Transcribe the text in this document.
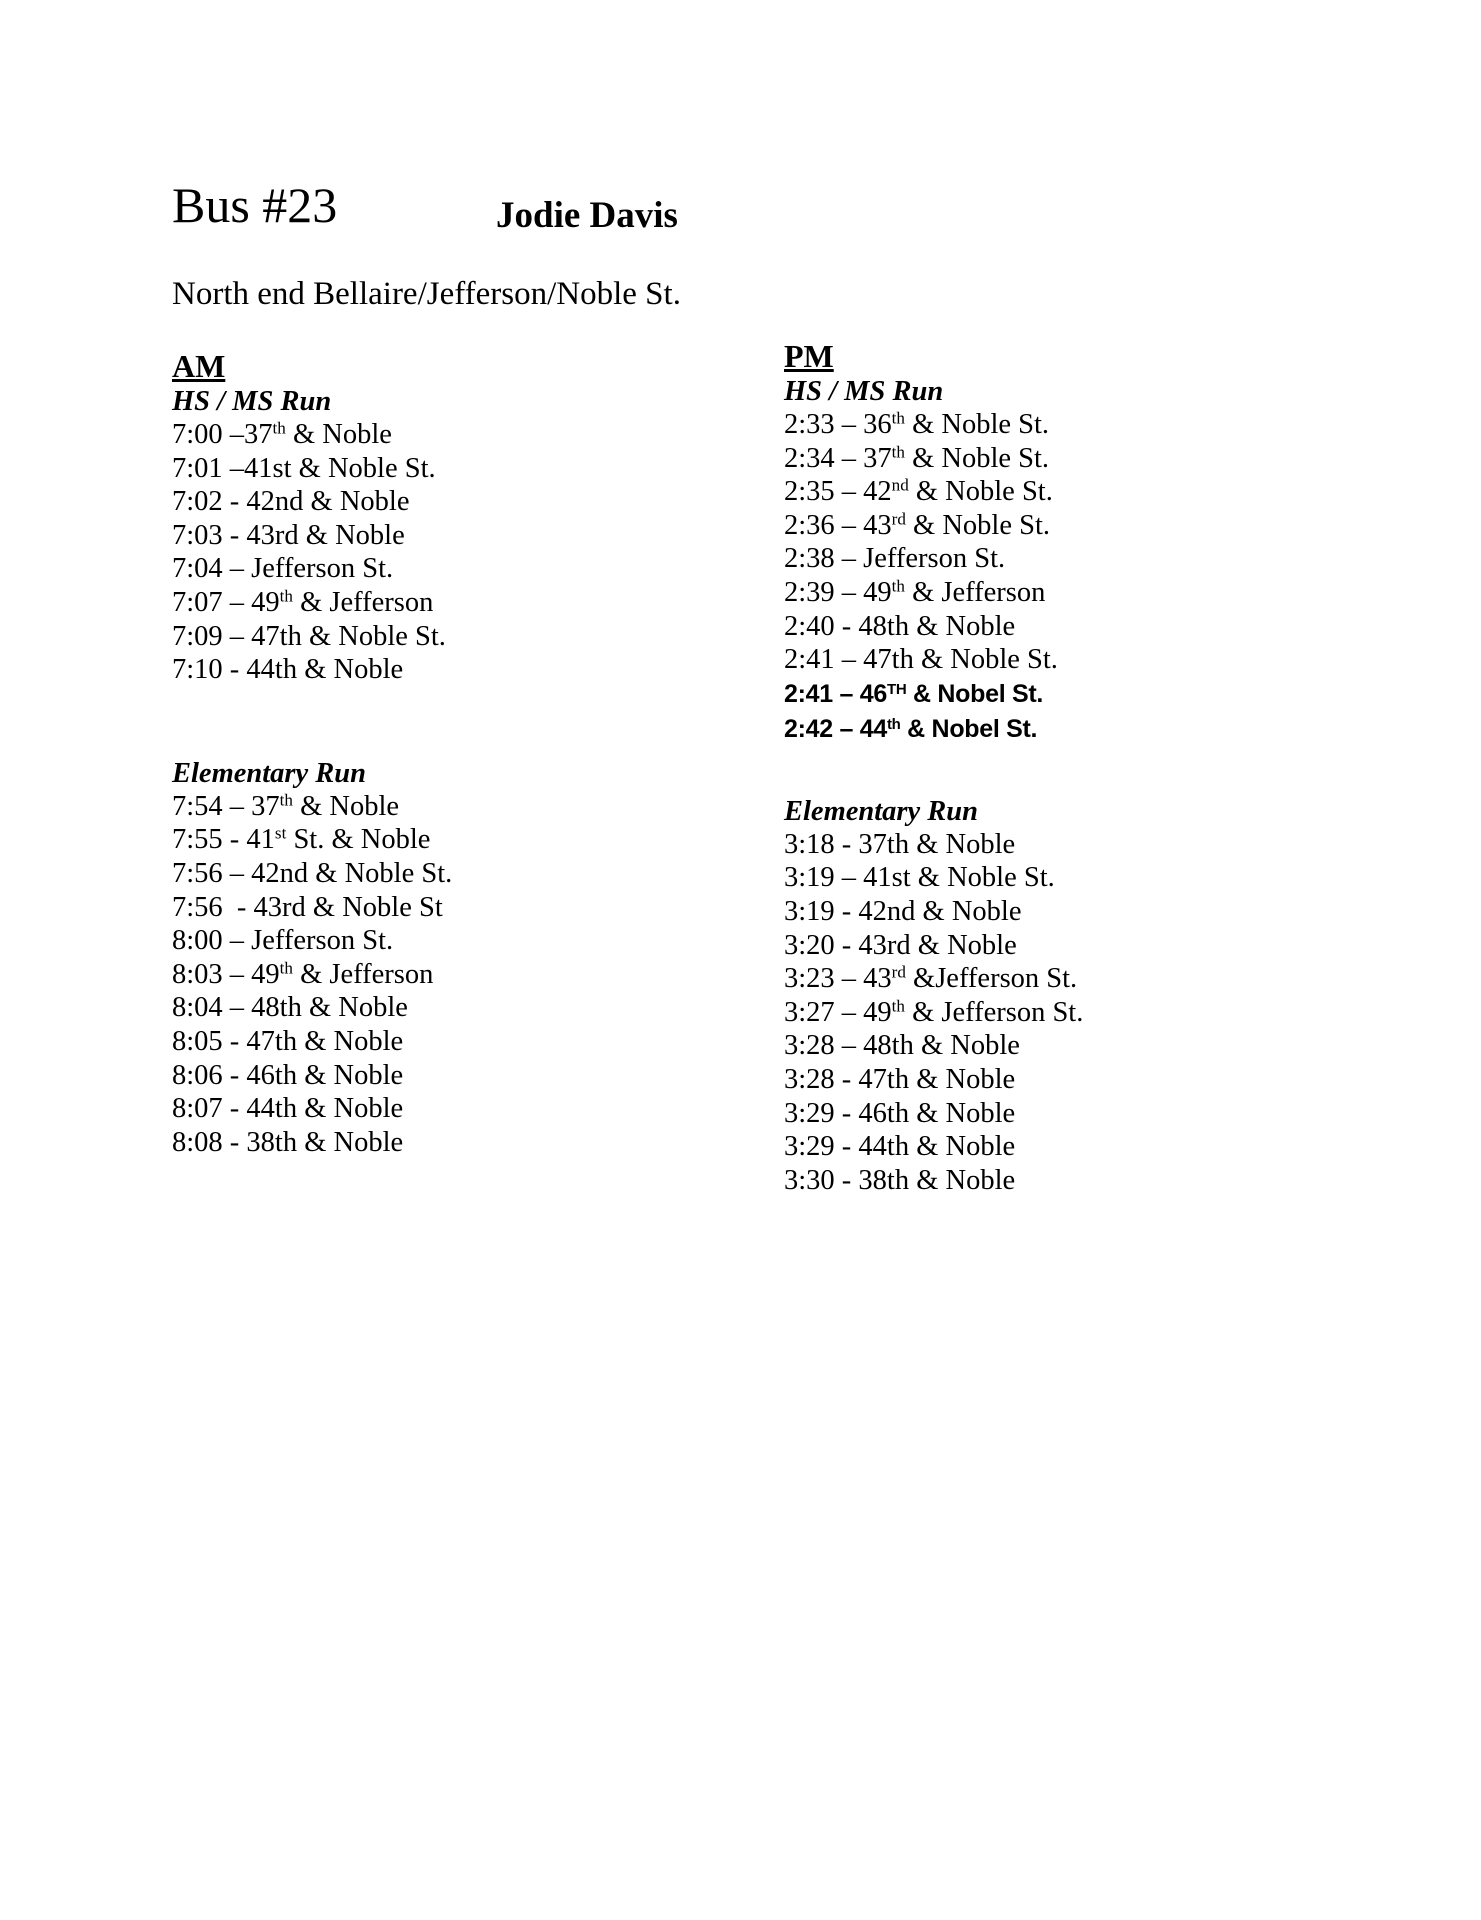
Bus #23	Jodie Davis
North end Bellaire/Jefferson/Noble St.
AM
HS / MS Run
7:00 –37th & Noble
7:01 –41st & Noble St.
7:02 - 42nd & Noble
7:03 - 43rd & Noble
7:04 – Jefferson St.
7:07 – 49th & Jefferson
7:09 – 47th & Noble St.
7:10 - 44th & Noble
Elementary Run
7:54 – 37th & Noble
7:55 - 41st St. & Noble
7:56 – 42nd & Noble St.
7:56  - 43rd & Noble St
8:00 – Jefferson St.
8:03 – 49th & Jefferson
8:04 – 48th & Noble
8:05 - 47th & Noble
8:06 - 46th & Noble
8:07 - 44th & Noble
8:08 - 38th & Noble
PM
HS / MS Run
2:33 – 36th & Noble St.
2:34 – 37th & Noble St.
2:35 – 42nd & Noble St.
2:36 – 43rd & Noble St.
2:38 – Jefferson St.
2:39 – 49th & Jefferson
2:40 - 48th & Noble
2:41 – 47th & Noble St.
2:41 – 46TH & Nobel St.
2:42 – 44th & Nobel St.
Elementary Run
3:18 - 37th & Noble
3:19 – 41st & Noble St.
3:19 - 42nd & Noble
3:20 - 43rd & Noble
3:23 – 43rd &Jefferson St.
3:27 – 49th & Jefferson St.
3:28 – 48th & Noble
3:28 - 47th & Noble
3:29 - 46th & Noble
3:29 - 44th & Noble
3:30 - 38th & Noble
